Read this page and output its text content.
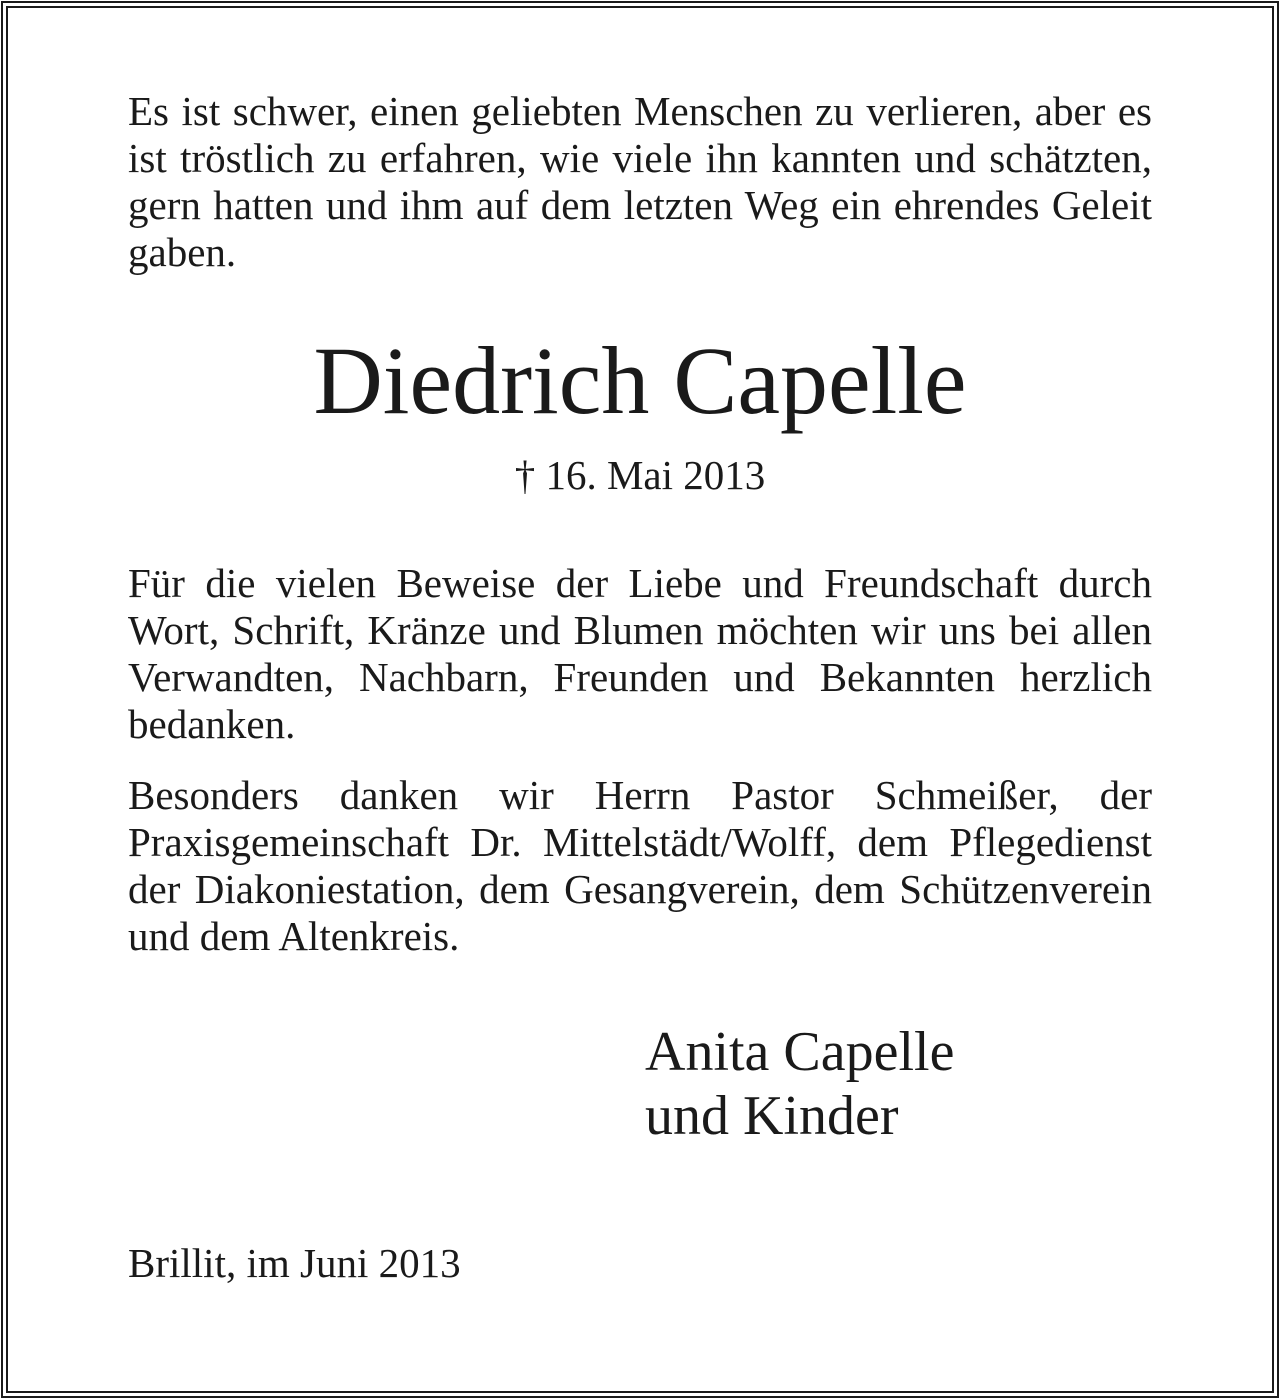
Es ist schwer, einen geliebten Menschen zu verlieren, aber es ist tröstlich zu erfahren, wie viele ihn kannten und schätzten, gern hatten und ihm auf dem letzten Weg ein ehrendes Geleit gaben.

Diedrich Capelle
† 16. Mai 2013

Für die vielen Beweise der Liebe und Freundschaft durch Wort, Schrift, Kränze und Blumen möchten wir uns bei allen Verwandten, Nachbarn, Freunden und Bekannten herzlich bedanken.

Besonders danken wir Herrn Pastor Schmeißer, der Praxisgemeinschaft Dr. Mittelstädt/Wolff, dem Pflegedienst der Diakoniestation, dem Gesangverein, dem Schützenverein und dem Altenkreis.

Anita Capelle
und Kinder
Brillit, im Juni 2013
